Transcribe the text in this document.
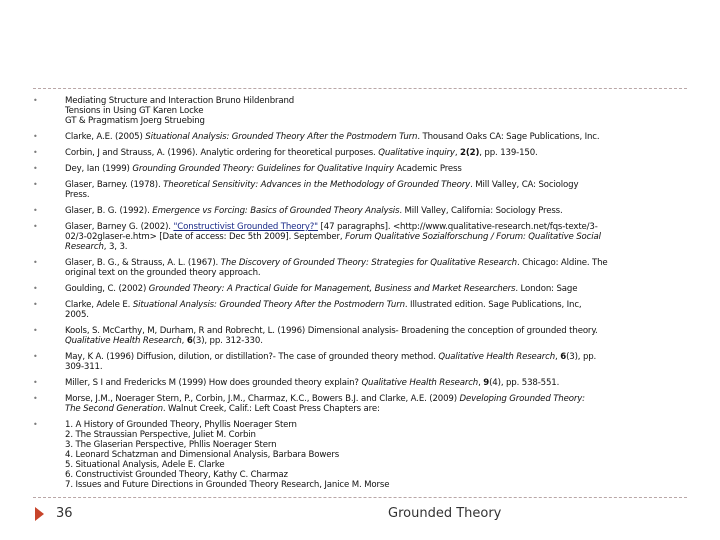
•	Mediating Structure and Interaction Bruno Hildenbrand
Tensions in Using GT Karen Locke
GT & Pragmatism Joerg Struebing
•	Clarke, A.E. (2005) Situational Analysis: Grounded Theory After the Postmodern Turn. Thousand Oaks CA: Sage Publications, Inc.
•	Corbin, J and Strauss, A. (1996). Analytic ordering for theoretical purposes. Qualitative inquiry, 2(2), pp. 139-150.
•	Dey, Ian (1999) Grounding Grounded Theory: Guidelines for Qualitative Inquiry Academic Press
•	Glaser, Barney. (1978). Theoretical Sensitivity: Advances in the Methodology of Grounded Theory. Mill Valley, CA: Sociology
Press.
•	Glaser, B. G. (1992). Emergence vs Forcing: Basics of Grounded Theory Analysis. Mill Valley, California: Sociology Press.
•	Glaser, Barney G. (2002). "Constructivist Grounded Theory?" [47 paragraphs]. <http://www.qualitative-research.net/fqs-texte/3-
02/3-02glaser-e.htm> [Date of access: Dec 5th 2009]. September, Forum Qualitative Sozialforschung / Forum: Qualitative Social
Research, 3, 3.
•	Glaser, B. G., & Strauss, A. L. (1967). The Discovery of Grounded Theory: Strategies for Qualitative Research. Chicago: Aldine. The
original text on the grounded theory approach.
•	Goulding, C. (2002) Grounded Theory: A Practical Guide for Management, Business and Market Researchers. London: Sage
•	Clarke, Adele E. Situational Analysis: Grounded Theory After the Postmodern Turn. Illustrated edition. Sage Publications, Inc,
2005.
•	Kools, S. McCarthy, M, Durham, R and Robrecht, L. (1996) Dimensional analysis- Broadening the conception of grounded theory.
Qualitative Health Research, 6(3), pp. 312-330.
•	May, K A. (1996) Diffusion, dilution, or distillation?- The case of grounded theory method. Qualitative Health Research, 6(3), pp.
309-311.
•	Miller, S I and Fredericks M (1999) How does grounded theory explain? Qualitative Health Research, 9(4), pp. 538-551.
•	Morse, J.M., Noerager Stern, P., Corbin, J.M., Charmaz, K.C., Bowers B.J. and Clarke, A.E. (2009) Developing Grounded Theory:
The Second Generation. Walnut Creek, Calif.: Left Coast Press Chapters are:
•	1. A History of Grounded Theory, Phyllis Noerager Stern
2. The Straussian Perspective, Juliet M. Corbin
3. The Glaserian Perspective, Phllis Noerager Stern
4. Leonard Schatzman and Dimensional Analysis, Barbara Bowers
5. Situational Analysis, Adele E. Clarke
6. Constructivist Grounded Theory, Kathy C. Charmaz
7. Issues and Future Directions in Grounded Theory Research, Janice M. Morse
36	Grounded Theory
